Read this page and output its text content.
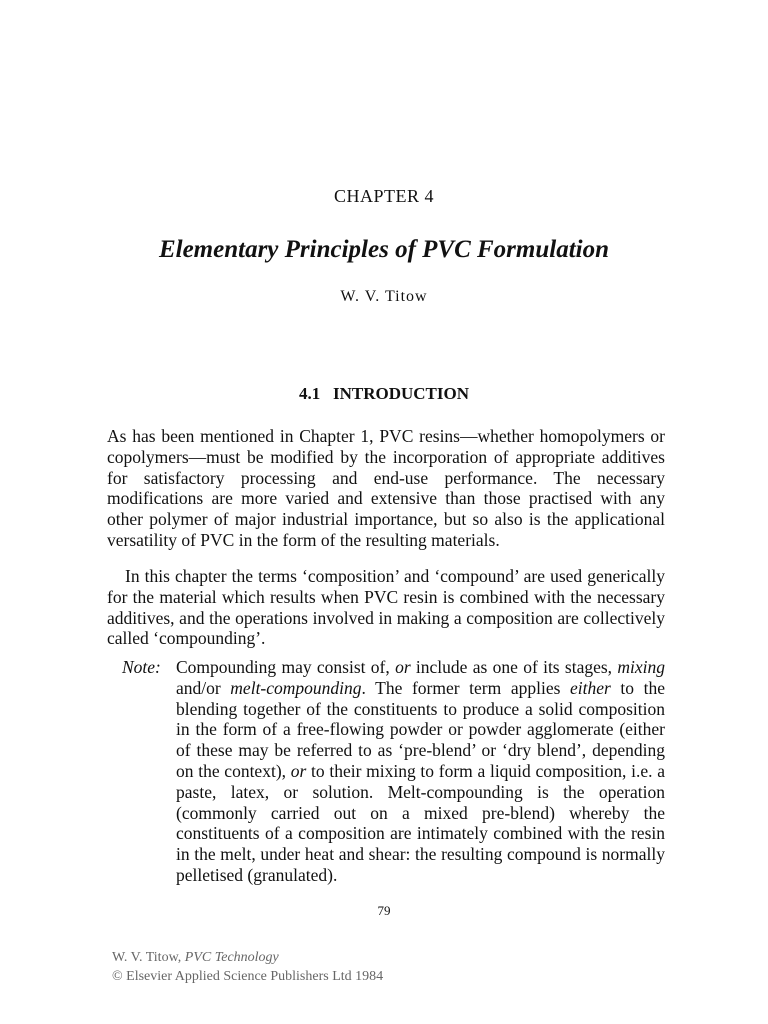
CHAPTER 4
Elementary Principles of PVC Formulation
W. V. Titow
4.1   INTRODUCTION
As has been mentioned in Chapter 1, PVC resins—whether homopolymers or copolymers—must be modified by the incorporation of appropriate additives for satisfactory processing and end-use performance. The necessary modifications are more varied and extensive than those practised with any other polymer of major industrial importance, but so also is the applicational versatility of PVC in the form of the resulting materials.
In this chapter the terms ‘composition’ and ‘compound’ are used generically for the material which results when PVC resin is combined with the necessary additives, and the operations involved in making a composition are collectively called ‘compounding’.
Note: Compounding may consist of, or include as one of its stages, mixing and/or melt-compounding. The former term applies either to the blending together of the constituents to produce a solid composition in the form of a free-flowing powder or powder agglomerate (either of these may be referred to as ‘pre-blend’ or ‘dry blend’, depending on the context), or to their mixing to form a liquid composition, i.e. a paste, latex, or solution. Melt-compounding is the operation (commonly carried out on a mixed pre-blend) whereby the constituents of a composition are intimately combined with the resin in the melt, under heat and shear: the resulting compound is normally pelletised (granulated).
79
W. V. Titow, PVC Technology
© Elsevier Applied Science Publishers Ltd 1984
